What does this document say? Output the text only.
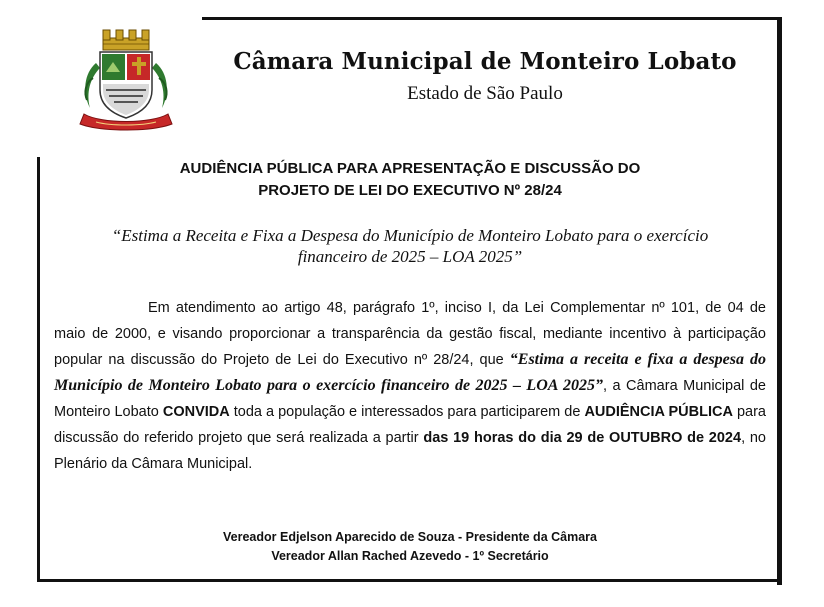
Câmara Municipal de Monteiro Lobato
Estado de São Paulo
AUDIÊNCIA PÚBLICA PARA APRESENTAÇÃO E DISCUSSÃO DO
PROJETO DE LEI DO EXECUTIVO Nº 28/24
“Estima a Receita e Fixa a Despesa do Município de Monteiro Lobato para o exercício
financeiro de 2025 – LOA 2025”
Em atendimento ao artigo 48, parágrafo 1º, inciso I, da Lei Complementar nº 101, de 04 de maio de 2000, e visando proporcionar a transparência da gestão fiscal, mediante incentivo à participação popular na discussão do Projeto de Lei do Executivo nº 28/24, que “Estima a receita e fixa a despesa do Município de Monteiro Lobato para o exercício financeiro de 2025 – LOA 2025”, a Câmara Municipal de Monteiro Lobato CONVIDA toda a população e interessados para participarem de AUDIÊNCIA PÚBLICA para discussão do referido projeto que será realizada a partir das 19 horas do dia 29 de OUTUBRO de 2024, no Plenário da Câmara Municipal.
Vereador Edjelson Aparecido de Souza - Presidente da Câmara
Vereador Allan Rached Azevedo - 1º Secretário
